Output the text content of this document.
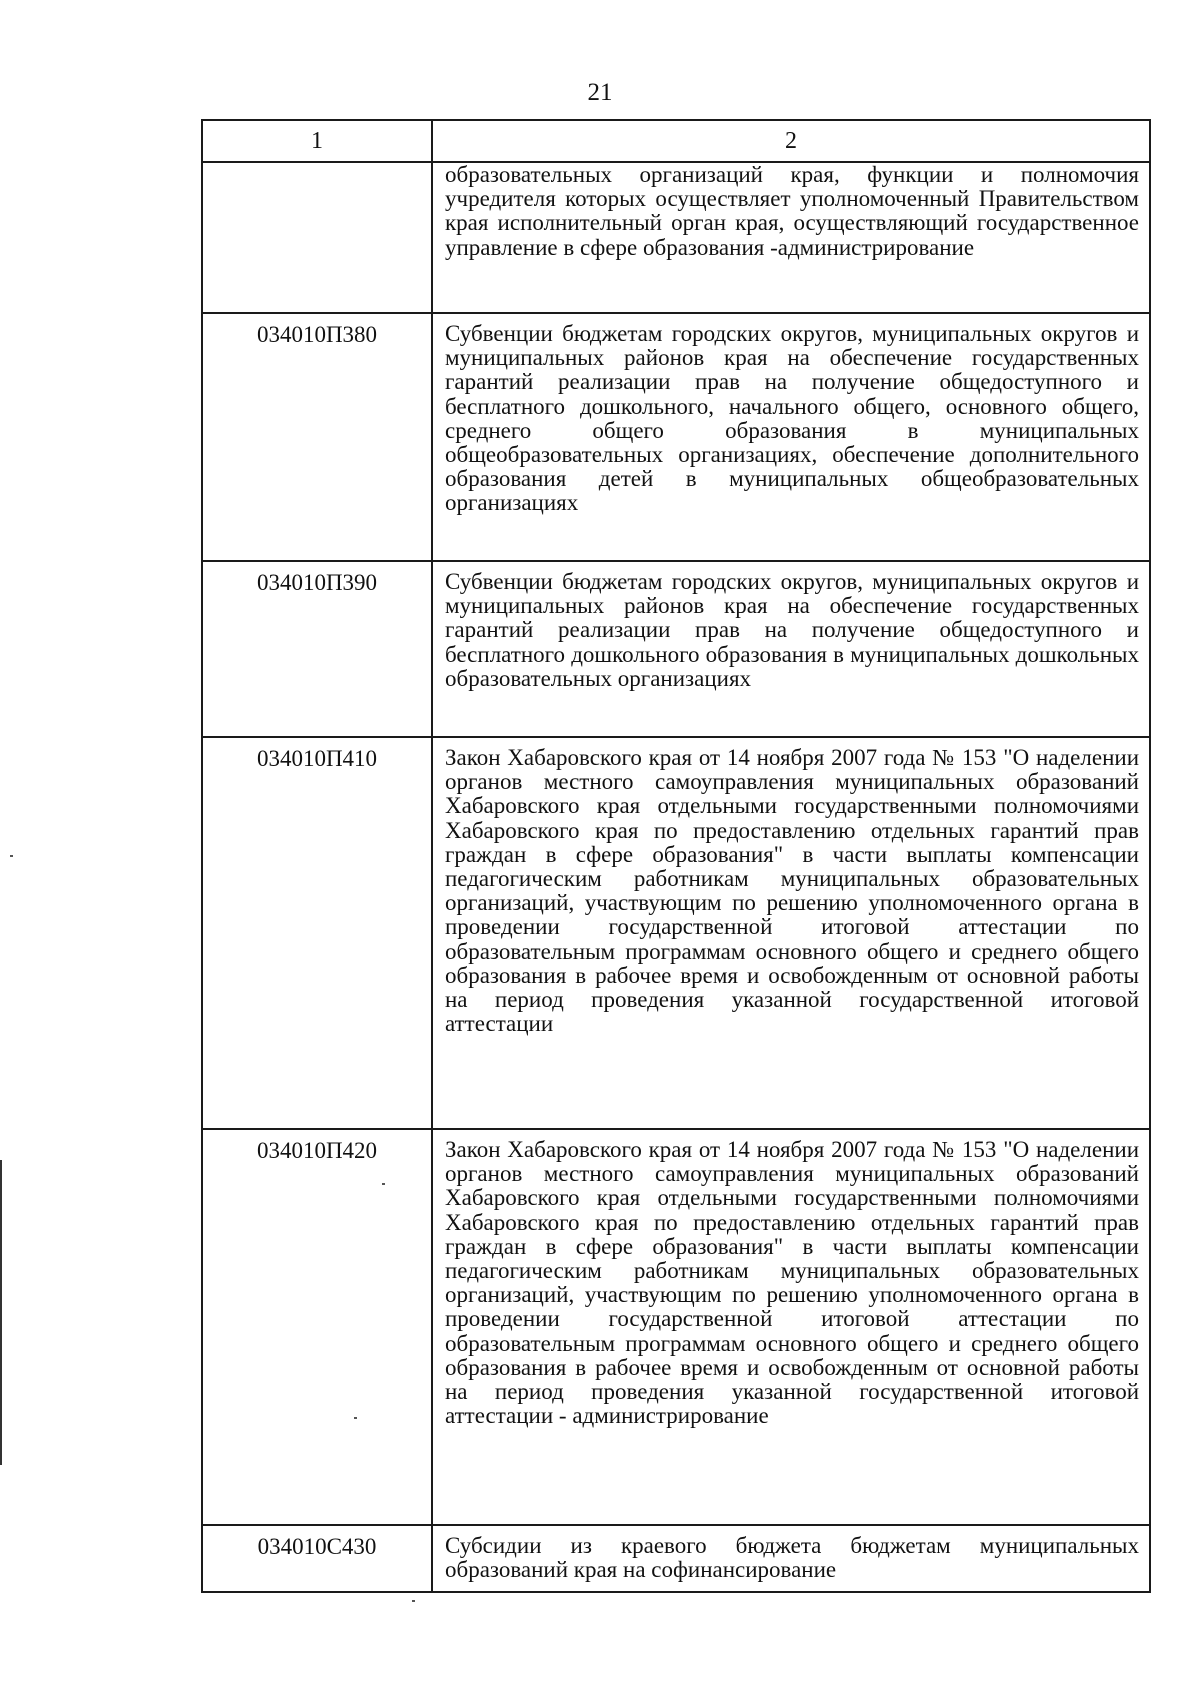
21
1	2

	образовательных организаций края, функции и полномочия учредителя которых осуществляет уполномоченный Правительством края исполнительный орган края, осуществляющий государственное управление в сфере образования -администрирование

034010П380	Субвенции бюджетам городских округов, муниципальных округов и муниципальных районов края на обеспечение государственных гарантий реализации прав на получение общедоступного и бесплатного дошкольного, начального общего, основного общего, среднего общего образования в муниципальных общеобразовательных организациях, обеспечение дополнительного образования детей в муниципальных общеобразовательных организациях

034010П390	Субвенции бюджетам городских округов, муниципальных округов и муниципальных районов края на обеспечение государственных гарантий реализации прав на получение общедоступного и бесплатного дошкольного образования в муниципальных дошкольных образовательных организациях

034010П410	Закон Хабаровского края от 14 ноября 2007 года № 153 "О наделении органов местного самоуправления муниципальных образований Хабаровского края отдельными государственными полномочиями Хабаровского края по предоставлению отдельных гарантий прав граждан в сфере образования" в части выплаты компенсации педагогическим работникам муниципальных образовательных организаций, участвующим по решению уполномоченного органа в проведении государственной итоговой аттестации по образовательным программам основного общего и среднего общего образования в рабочее время и освобожденным от основной работы на период проведения указанной государственной итоговой аттестации

034010П420	Закон Хабаровского края от 14 ноября 2007 года № 153 "О наделении органов местного самоуправления муниципальных образований Хабаровского края отдельными государственными полномочиями Хабаровского края по предоставлению отдельных гарантий прав граждан в сфере образования" в части выплаты компенсации педагогическим работникам муниципальных образовательных организаций, участвующим по решению уполномоченного органа в проведении государственной итоговой аттестации по образовательным программам основного общего и среднего общего образования в рабочее время и освобожденным от основной работы на период проведения указанной государственной итоговой аттестации - администрирование

034010С430	Субсидии из краевого бюджета бюджетам муниципальных образований края на софинансирование
